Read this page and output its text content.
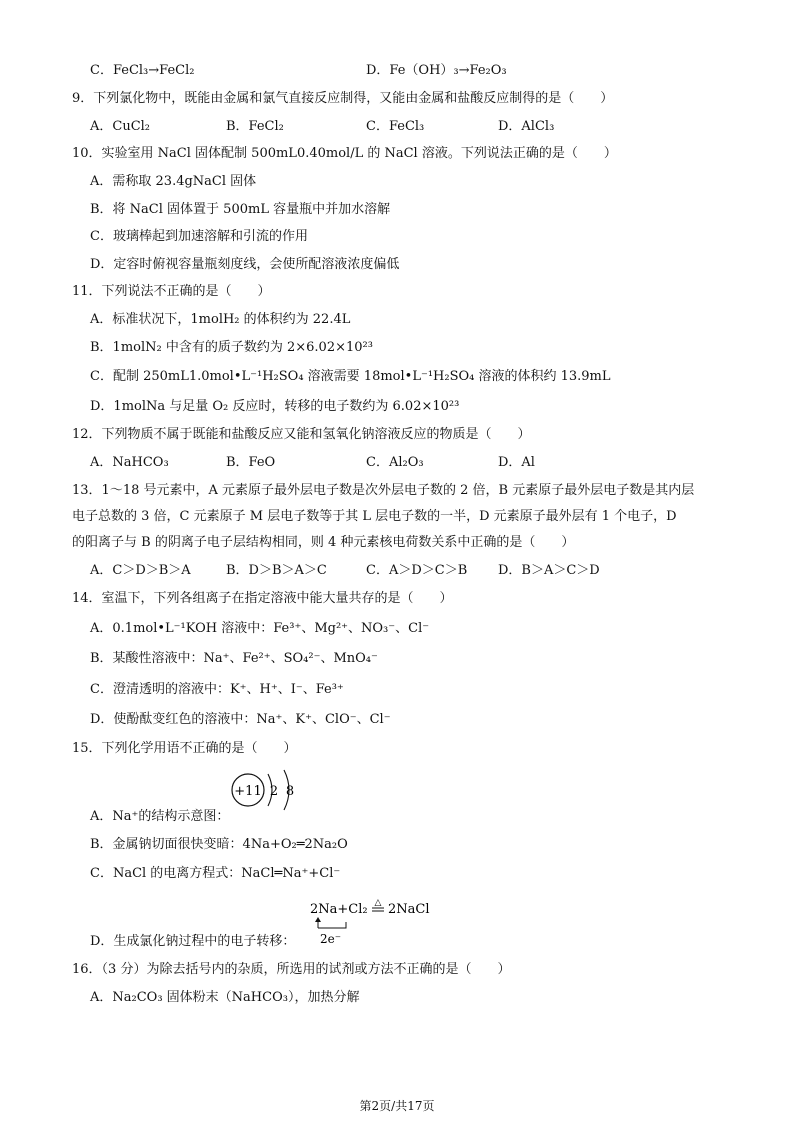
C．FeCl₃→FeCl₂	D．Fe（OH）₃→Fe₂O₃
9．下列氯化物中，既能由金属和氯气直接反应制得，又能由金属和盐酸反应制得的是（　　）
A．CuCl₂	B．FeCl₂	C．FeCl₃	D．AlCl₃
10．实验室用 NaCl 固体配制 500mL0.40mol/L 的 NaCl 溶液。下列说法正确的是（　　）
A．需称取 23.4gNaCl 固体
B．将 NaCl 固体置于 500mL 容量瓶中并加水溶解
C．玻璃棒起到加速溶解和引流的作用
D．定容时俯视容量瓶刻度线，会使所配溶液浓度偏低
11．下列说法不正确的是（　　）
A．标准状况下，1molH₂ 的体积约为 22.4L
B．1molN₂ 中含有的质子数约为 2×6.02×10²³
C．配制 250mL1.0mol•L⁻¹H₂SO₄ 溶液需要 18mol•L⁻¹H₂SO₄ 溶液的体积约 13.9mL
D．1molNa 与足量 O₂ 反应时，转移的电子数约为 6.02×10²³
12．下列物质不属于既能和盐酸反应又能和氢氧化钠溶液反应的物质是（　　）
A．NaHCO₃	B．FeO	C．Al₂O₃	D．Al
13．1～18 号元素中，A 元素原子最外层电子数是次外层电子数的 2 倍，B 元素原子最外层电子数是其内层
电子总数的 3 倍，C 元素原子 M 层电子数等于其 L 层电子数的一半，D 元素原子最外层有 1 个电子，D
的阳离子与 B 的阴离子电子层结构相同，则 4 种元素核电荷数关系中正确的是（　　）
A．C＞D＞B＞A	B．D＞B＞A＞C	C．A＞D＞C＞B D．B＞A＞C＞D
14．室温下，下列各组离子在指定溶液中能大量共存的是（　　）
A．0.1mol•L⁻¹KOH 溶液中：Fe³⁺、Mg²⁺、NO₃⁻、Cl⁻
B．某酸性溶液中：Na⁺、Fe²⁺、SO₄²⁻、MnO₄⁻
C．澄清透明的溶液中：K⁺、H⁺、I⁻、Fe³⁺
D．使酚酞变红色的溶液中：Na⁺、K⁺、ClO⁻、Cl⁻
15．下列化学用语不正确的是（　　）
+11 2 8
A．Na⁺的结构示意图：
B．金属钠切面很快变暗：4Na+O₂═2Na₂O
C．NaCl 的电离方程式：NaCl═Na⁺+Cl⁻
2Na+Cl₂ △ 2NaCl
2e⁻
D．生成氯化钠过程中的电子转移：
16．（3 分）为除去括号内的杂质，所选用的试剂或方法不正确的是（　　）
A．Na₂CO₃ 固体粉末（NaHCO₃），加热分解
第2页/共17页
